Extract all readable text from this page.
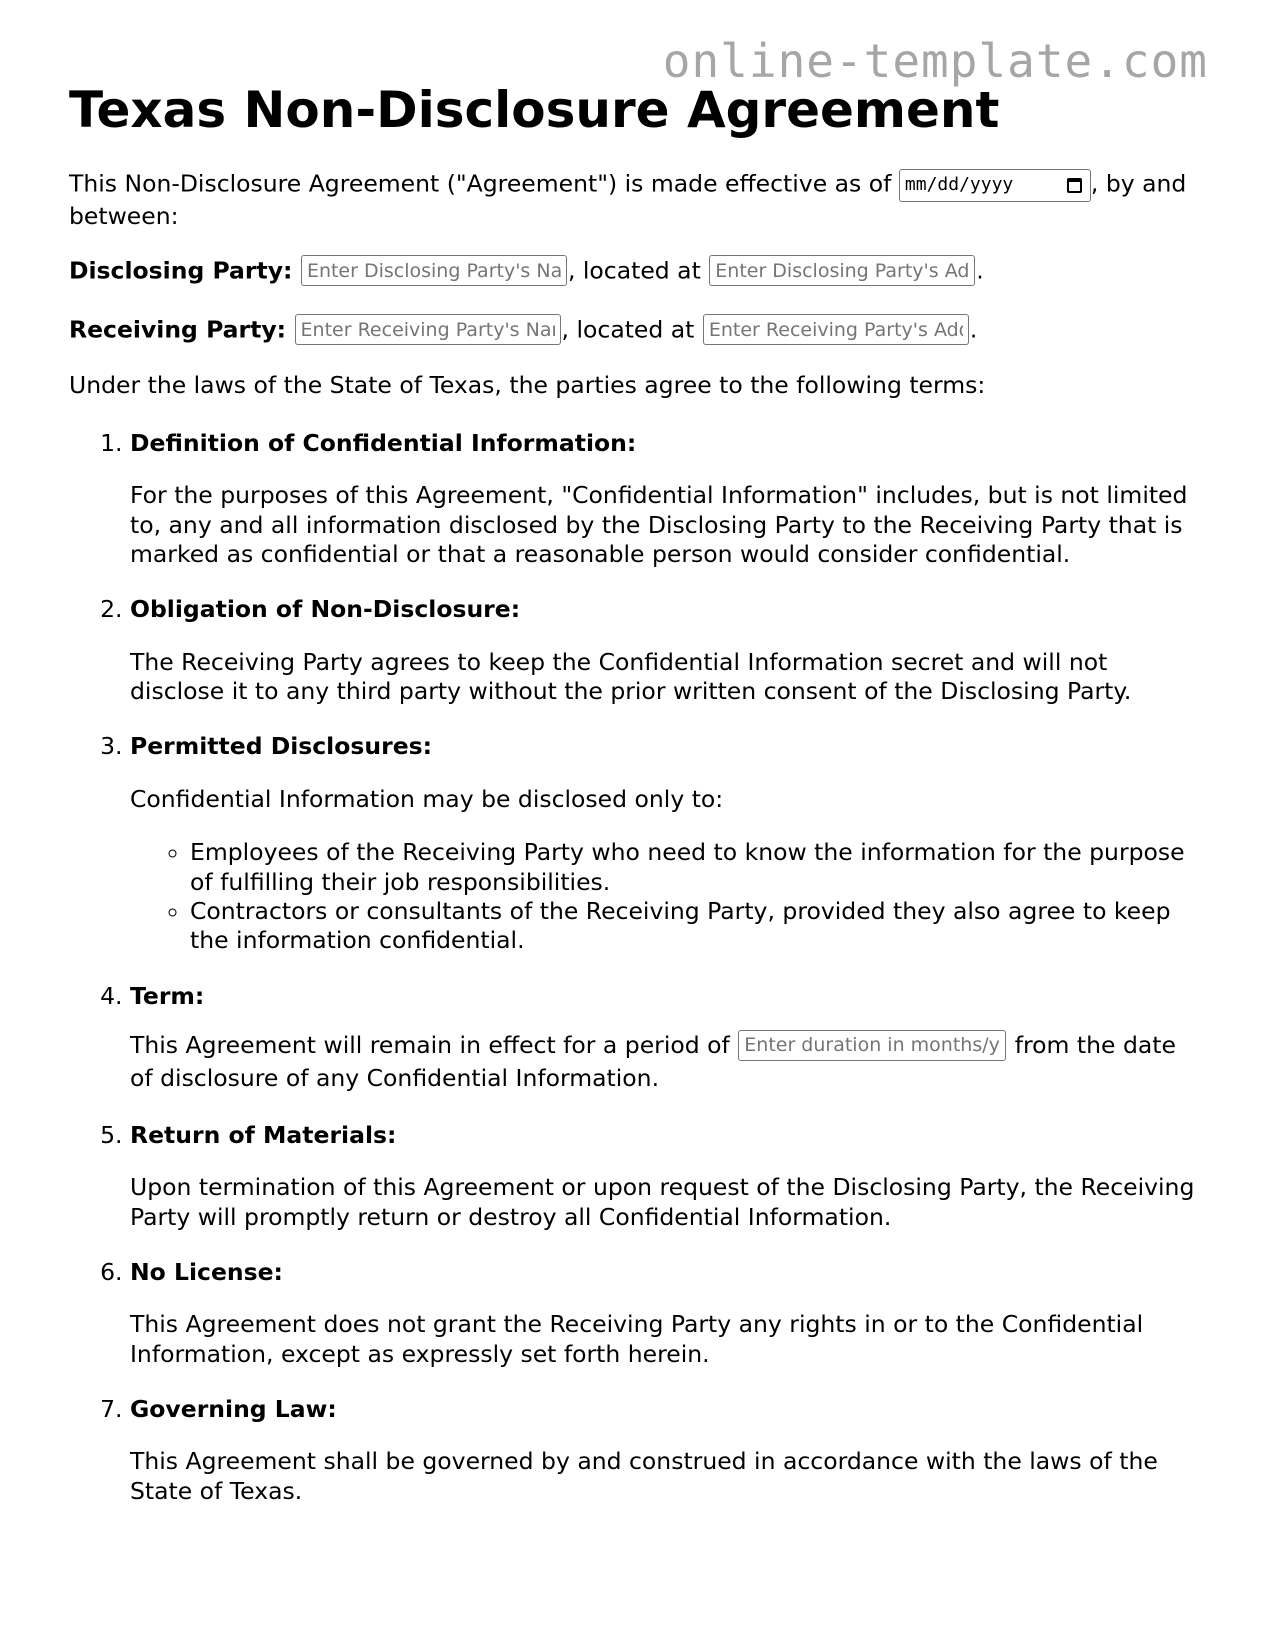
online-template.com
Texas Non-Disclosure Agreement

This Non-Disclosure Agreement ("Agreement") is made effective as of mm/dd/yyyy	, by and between:

Disclosing Party: Enter Disclosing Party's Name	, located at Enter Disclosing Party's Address	.

Receiving Party: Enter Receiving Party's Name	, located at Enter Receiving Party's Address	.

Under the laws of the State of Texas, the parties agree to the following terms:

1. Definition of Confidential Information:

For the purposes of this Agreement, "Confidential Information" includes, but is not limited to, any and all information disclosed by the Disclosing Party to the Receiving Party that is marked as confidential or that a reasonable person would consider confidential.

2. Obligation of Non-Disclosure:

The Receiving Party agrees to keep the Confidential Information secret and will not disclose it to any third party without the prior written consent of the Disclosing Party.

3. Permitted Disclosures:

Confidential Information may be disclosed only to:

◦ Employees of the Receiving Party who need to know the information for the purpose of fulfilling their job responsibilities.
◦ Contractors or consultants of the Receiving Party, provided they also agree to keep the information confidential.
4. Term:

This Agreement will remain in effect for a period of Enter duration in months/years	from the date of disclosure of any Confidential Information.

5. Return of Materials:

Upon termination of this Agreement or upon request of the Disclosing Party, the Receiving Party will promptly return or destroy all Confidential Information.

6. No License:

This Agreement does not grant the Receiving Party any rights in or to the Confidential Information, except as expressly set forth herein.

7. Governing Law:

This Agreement shall be governed by and construed in accordance with the laws of the State of Texas.
